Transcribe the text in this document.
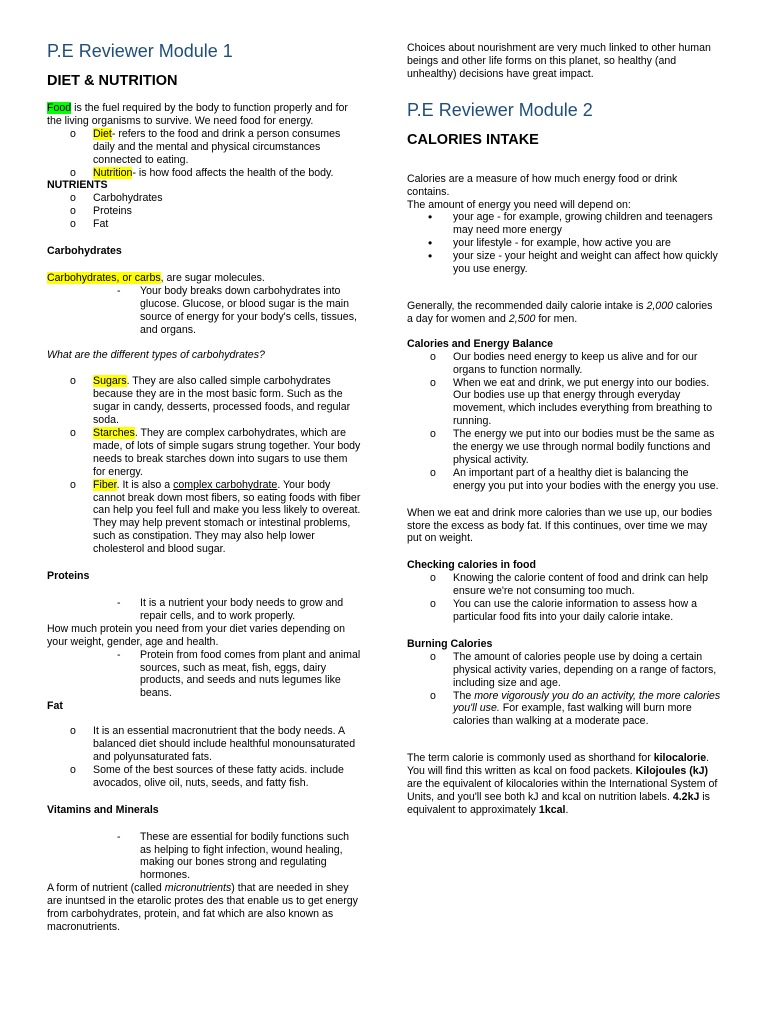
P.E Reviewer Module 1

DIET & NUTRITION

Food is the fuel required by the body to function properly and for the living organisms to survive. We need food for energy.

o Diet- refers to the food and drink a person consumes daily and the mental and physical circumstances connected to eating.
o Nutrition- is how food affects the health of the body.

NUTRIENTS

o Carbohydrates
o Proteins
o Fat

Carbohydrates

Carbohydrates, or carbs, are sugar molecules.

- Your body breaks down carbohydrates into glucose. Glucose, or blood sugar is the main source of energy for your body's cells, tissues, and organs.

What are the different types of carbohydrates?

o Sugars. They are also called simple carbohydrates because they are in the most basic form. Such as the sugar in candy, desserts, processed foods, and regular soda.
o Starches. They are complex carbohydrates, which are made, of lots of simple sugars strung together. Your body needs to break starches down into sugars to use them for energy.
o Fiber. It is also a complex carbohydrate. Your body cannot break down most fibers, so eating foods with fiber can help you feel full and make you less likely to overeat. They may help prevent stomach or intestinal problems, such as constipation. They may also help lower cholesterol and blood sugar.

Proteins

- It is a nutrient your body needs to grow and repair cells, and to work properly.

How much protein you need from your diet varies depending on your weight, gender, age and health.

- Protein from food comes from plant and animal sources, such as meat, fish, eggs, dairy products, and seeds and nuts legumes like beans.

Fat

o It is an essential macronutrient that the body needs. A balanced diet should include healthful monounsaturated and polyunsaturated fats.
o Some of the best sources of these fatty acids. include avocados, olive oil, nuts, seeds, and fatty fish.

Vitamins and Minerals

- These are essential for bodily functions such as helping to fight infection, wound healing, making our bones strong and regulating hormones.

A form of nutrient (called micronutrients) that are needed in shey are inuntsed in the etarolic protes des that enable us to get energy from carbohydrates, protein, and fat which are also known as macronutrients.

Choices about nourishment are very much linked to other human beings and other life forms on this planet, so healthy (and unhealthy) decisions have great impact.

P.E Reviewer Module 2

CALORIES INTAKE

Calories are a measure of how much energy food or drink contains.

The amount of energy you need will depend on:

• your age - for example, growing children and teenagers may need more energy
• your lifestyle - for example, how active you are
• your size - your height and weight can affect how quickly you use energy.

Generally, the recommended daily calorie intake is 2,000 calories a day for women and 2,500 for men.

Calories and Energy Balance

o Our bodies need energy to keep us alive and for our organs to function normally.
o When we eat and drink, we put energy into our bodies. Our bodies use up that energy through everyday movement, which includes everything from breathing to running.
o The energy we put into our bodies must be the same as the energy we use through normal bodily functions and physical activity.
o An important part of a healthy diet is balancing the energy you put into your bodies with the energy you use.

When we eat and drink more calories than we use up, our bodies store the excess as body fat. If this continues, over time we may put on weight.

Checking calories in food

o Knowing the calorie content of food and drink can help ensure we're not consuming too much.
o You can use the calorie information to assess how a particular food fits into your daily calorie intake.

Burning Calories

o The amount of calories people use by doing a certain physical activity varies, depending on a range of factors, including size and age.
o The more vigorously you do an activity, the more calories you'll use. For example, fast walking will burn more calories than walking at a moderate pace.

The term calorie is commonly used as shorthand for kilocalorie. You will find this written as kcal on food packets. Kilojoules (kJ) are the equivalent of kilocalories within the International System of Units, and you'll see both kJ and kcal on nutrition labels. 4.2kJ is equivalent to approximately 1kcal.
